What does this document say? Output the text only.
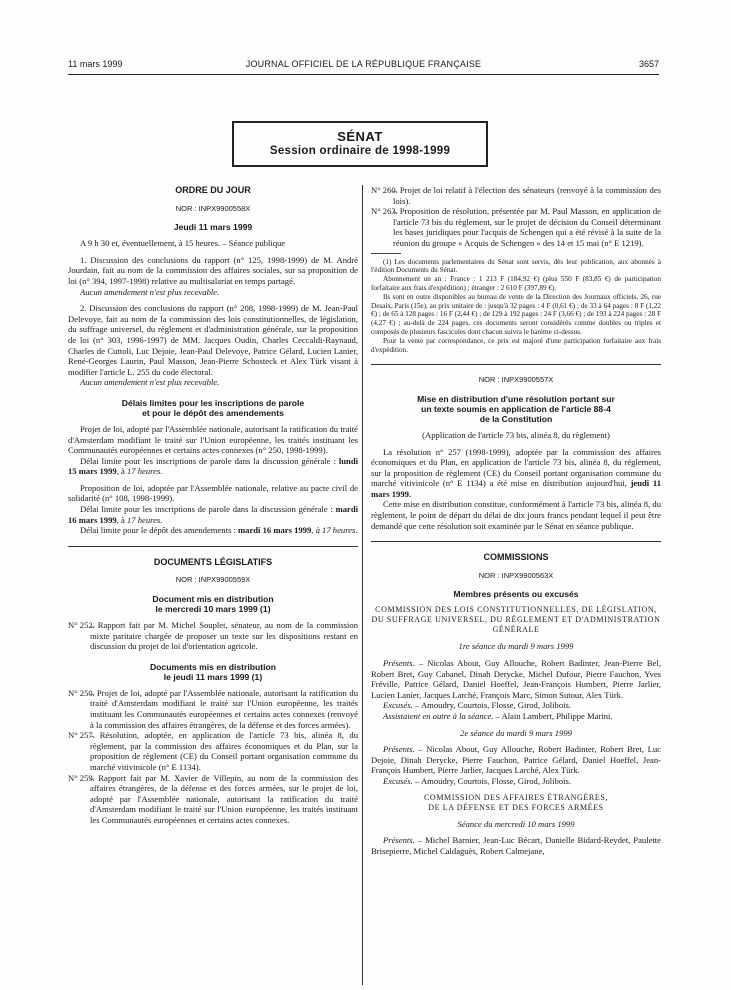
11 mars 1999	JOURNAL OFFICIEL DE LA RÉPUBLIQUE FRANÇAISE	3657
SÉNAT
Session ordinaire de 1998-1999
ORDRE DU JOUR
NOR : INPX9900558X
Jeudi 11 mars 1999

A 9 h 30 et, éventuellement, à 15 heures. – Séance publique

1. Discussion des conclusions du rapport (n° 125, 1998-1999) de M. André Jourdain, fait au nom de la commission des affaires sociales, sur sa proposition de loi (n° 394, 1997-1998) relative au multisalariat en temps partagé.

Aucun amendement n'est plus recevable.

2. Discussion des conclusions du rapport (n° 208, 1998-1999) de M. Jean-Paul Delevoye, fait au nom de la commission des lois constitutionnelles, de législation, du suffrage universel, du règlement et d'administration générale, sur la proposition de loi (n° 303, 1996-1997) de MM. Jacques Oudin, Charles Ceccaldi-Raynaud, Charles de Cuttoli, Luc Dejoie, Jean-Paul Delevoye, Patrice Gélard, Lucien Lanier, René-Georges Laurin, Paul Masson, Jean-Pierre Schosteck et Alex Türk visant à modifier l'article L. 255 du code électoral.

Aucun amendement n'est plus recevable.

Délais limites pour les inscriptions de parole
et pour le dépôt des amendements

Projet de loi, adopté par l'Assemblée nationale, autorisant la ratification du traité d'Amsterdam modifiant le traité sur l'Union européenne, les traités instituant les Communautés européennes et certains actes connexes (n° 250, 1998-1999).

Délai limite pour les inscriptions de parole dans la discussion générale : lundi 15 mars 1999, à 17 heures.

Proposition de loi, adoptée par l'Assemblée nationale, relative au pacte civil de solidarité (n° 108, 1998-1999).

Délai limite pour les inscriptions de parole dans la discussion générale : mardi 16 mars 1999, à 17 heures.

Délai limite pour le dépôt des amendements : mardi 16 mars 1999, à 17 heures.

DOCUMENTS LÉGISLATIFS
NOR : INPX9900559X
Document mis en distribution
le mercredi 10 mars 1999 (1)
N° 252.
– Rapport fait par M. Michel Souplet, sénateur, au nom de la commission mixte paritaire chargée de proposer un texte sur les dispositions restant en discussion du projet de loi d'orientation agricole.
Documents mis en distribution
le jeudi 11 mars 1999 (1)
N° 250.
– Projet de loi, adopté par l'Assemblée nationale, autorisant la ratification du traité d'Amsterdam modifiant le traité sur l'Union européenne, les traités instituant les Communautés européennes et certains actes connexes (renvoyé à la commission des affaires étrangères, de la défense et des forces armées).
N° 257.
– Résolution, adoptée, en application de l'article 73 bis, alinéa 8, du règlement, par la commission des affaires économiques et du Plan, sur la proposition de règlement (CE) du Conseil portant organisation commune du marché vitivinicole (n° E 1134).
N° 259.
– Rapport fait par M. Xavier de Villepin, au nom de la commission des affaires étrangères, de la défense et des forces armées, sur le projet de loi, adopté par l'Assemblée nationale, autorisant la ratification du traité d'Amsterdam modifiant le traité sur l'Union européenne, les traités instituant les Communautés européennes et certains actes connexes.
N° 260.
– Projet de loi relatif à l'élection des sénateurs (renvoyé à la commission des lois).
N° 263.
– Proposition de résolution, présentée par M. Paul Masson, en application de l'article 73 bis du règlement, sur le projet de décision du Conseil déterminant les bases juridiques pour l'acquis de Schengen qui a été révisé à la suite de la réunion du groupe « Acquis de Schengen » des 14 et 15 mai (n° E 1219).

(1) Les documents parlementaires du Sénat sont servis, dès leur publication, aux abonnés à l'édition Documents du Sénat.

Abonnement un an : France : 1 213 F (184,92 €) (plus 550 F (83,85 €) de participation forfaitaire aux frais d'expédition) ; étranger : 2 610 F (397,89 €).

Ils sont en outre disponibles au bureau de vente de la Direction des Journaux officiels, 26, rue Desaix, Paris (15e), au prix unitaire de : jusqu'à 32 pages : 4 F (0,61 €) ; de 33 à 64 pages : 8 F (1,22 €) ; de 65 à 128 pages : 16 F (2,44 €) ; de 129 à 192 pages : 24 F (3,66 €) ; de 193 à 224 pages : 28 F (4,27 €) ; au-delà de 224 pages, ces documents seront considérés comme doubles ou triples et composés de plusieurs fascicules dont chacun suivra le barème ci-dessus.

Pour la vente par correspondance, ce prix est majoré d'une participation forfaitaire aux frais d'expédition.

NOR : INPX9900557X
Mise en distribution d'une résolution portant sur
un texte soumis en application de l'article 88-4
de la Constitution
(Application de l'article 73 bis, alinéa 8, du règlement)

La résolution n° 257 (1998-1999), adoptée par la commission des affaires économiques et du Plan, en application de l'article 73 bis, alinéa 8, du règlement, sur la proposition de règlement (CE) du Conseil portant organisation commune du marché vitivinicole (n° E 1134) a été mise en distribution aujourd'hui, jeudi 11 mars 1999.

Cette mise en distribution constitue, conformément à l'article 73 bis, alinéa 8, du règlement, le point de départ du délai de dix jours francs pendant lequel il peut être demandé que cette résolution soit examinée par le Sénat en séance publique.

COMMISSIONS
NOR : INPX9900563X
Membres présents ou excusés
COMMISSION DES LOIS CONSTITUTIONNELLES, DE LÉGISLATION, DU SUFFRAGE UNIVERSEL, DU RÈGLEMENT ET D'ADMINISTRATION GÉNÉRALE
1re séance du mardi 9 mars 1999

Présents. – Nicolas About, Guy Allouche, Robert Badinter, Jean-Pierre Bel, Robert Bret, Guy Cabanel, Dinah Derycke, Michel Dufour, Pierre Fauchon, Yves Fréville, Patrice Gélard, Daniel Hoeffel, Jean-François Humbert, Pierre Jarlier, Lucien Lanier, Jacques Larché, François Marc, Simon Sutour, Alex Türk.

Excusés. – Amoudry, Courtois, Flosse, Girod, Jolibois.

Assistaient en outre à la séance. – Alain Lambert, Philippe Marini.

2e séance du mardi 9 mars 1999

Présents. – Nicolas About, Guy Allouche, Robert Badinter, Robert Bret, Luc Dejoie, Dinah Derycke, Pierre Fauchon, Patrice Gélard, Daniel Hoeffel, Jean-François Humbert, Pierre Jarlier, Jacques Larché, Alex Türk.

Excusés. – Amoudry, Courtois, Flosse, Girod, Jolibois.

COMMISSION DES AFFAIRES ÉTRANGÈRES,
DE LA DÉFENSE ET DES FORCES ARMÉES
Séance du mercredi 10 mars 1999

Présents. – Michel Barnier, Jean-Luc Bécart, Danielle Bidard-Reydet, Paulette Brisepierre, Michel Caldaguès, Robert Calmejane,
